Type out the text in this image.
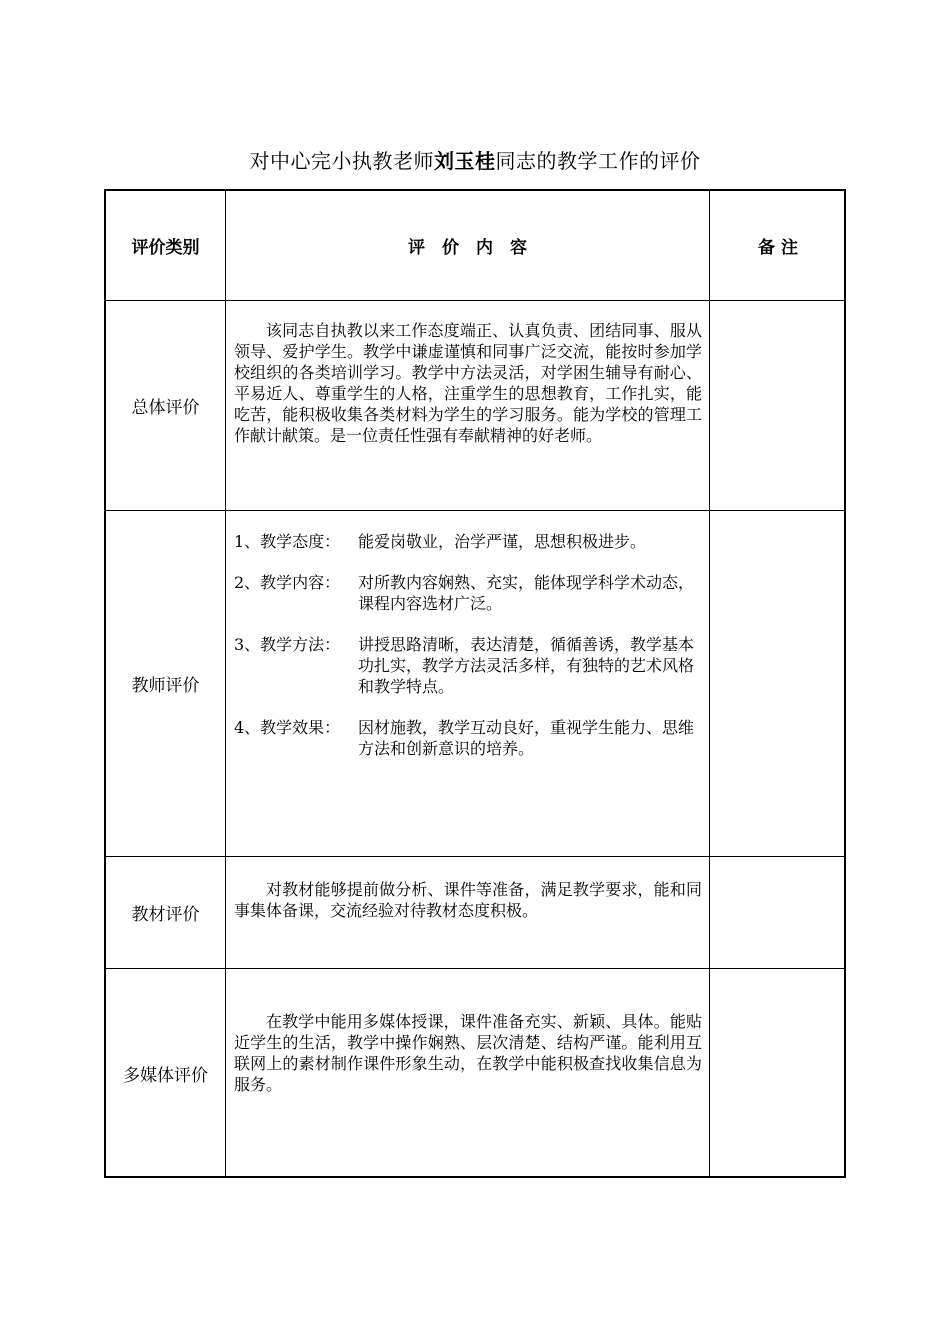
对中心完小执教老师刘玉桂同志的教学工作的评价
评价类别	评　价　内　容	备 注
总体评价

该同志自执教以来工作态度端正、认真负责、团结同事、服从领导、爱护学生。教学中谦虚谨慎和同事广泛交流，能按时参加学校组织的各类培训学习。教学中方法灵活，对学困生辅导有耐心、平易近人、尊重学生的人格，注重学生的思想教育，工作扎实，能吃苦，能积极收集各类材料为学生的学习服务。能为学校的管理工作献计献策。是一位责任性强有奉献精神的好老师。

教师评价
1、教学态度： 能爱岗敬业，治学严谨，思想积极进步。
2、教学内容： 对所教内容娴熟、充实，能体现学科学术动态，课程内容选材广泛。
3、教学方法： 讲授思路清晰，表达清楚，循循善诱，教学基本功扎实，教学方法灵活多样，有独特的艺术风格和教学特点。
4、教学效果： 因材施教，教学互动良好，重视学生能力、思维方法和创新意识的培养。
教材评价

对教材能够提前做分析、课件等准备，满足教学要求，能和同事集体备课，交流经验对待教材态度积极。

多媒体评价

在教学中能用多媒体授课，课件准备充实、新颖、具体。能贴近学生的生活，教学中操作娴熟、层次清楚、结构严谨。能利用互联网上的素材制作课件形象生动，在教学中能积极查找收集信息为服务。
